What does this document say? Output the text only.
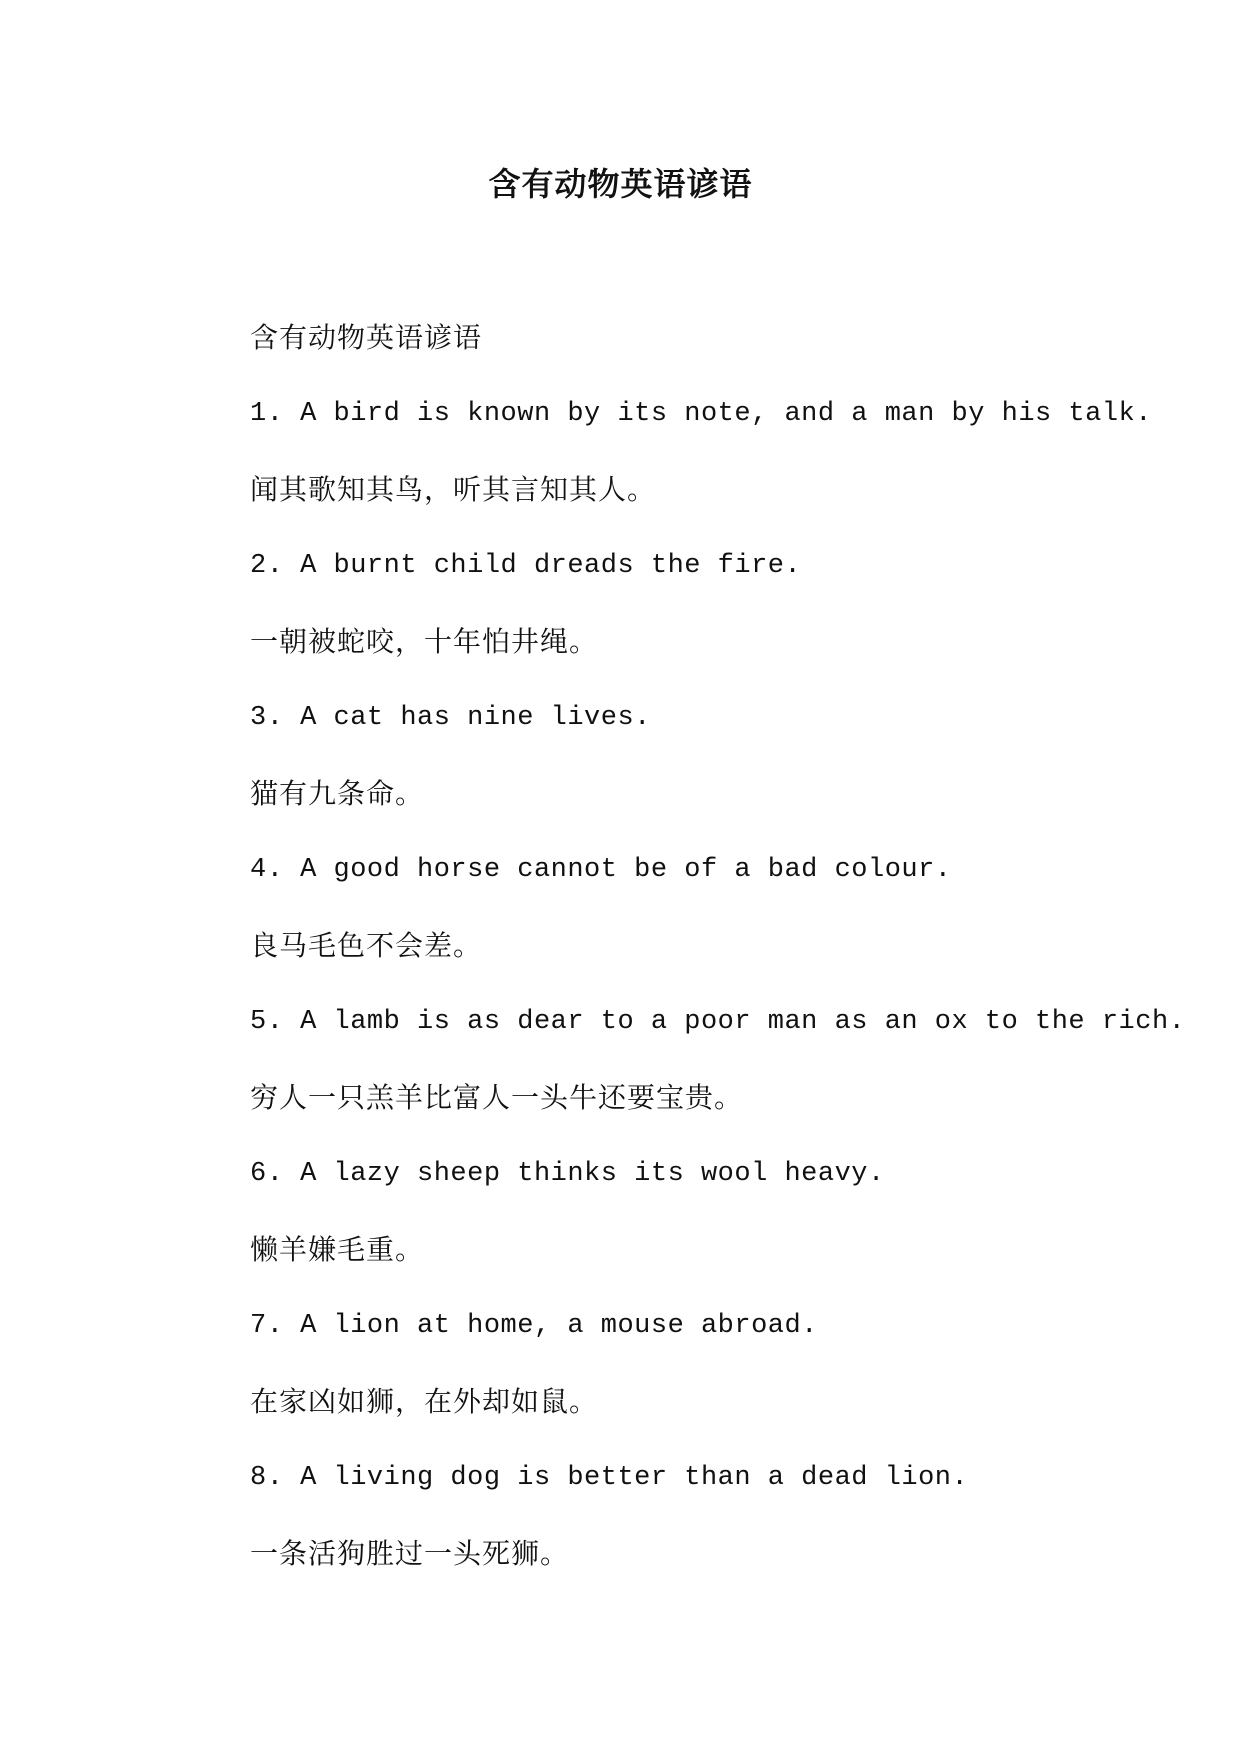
含有动物英语谚语

含有动物英语谚语

1. A bird is known by its note, and a man by his talk.

闻其歌知其鸟，听其言知其人。

2. A burnt child dreads the fire.

一朝被蛇咬，十年怕井绳。

3. A cat has nine lives.

猫有九条命。

4. A good horse cannot be of a bad colour.

良马毛色不会差。

5. A lamb is as dear to a poor man as an ox to the rich.

穷人一只羔羊比富人一头牛还要宝贵。

6. A lazy sheep thinks its wool heavy.

懒羊嫌毛重。

7. A lion at home, a mouse abroad.

在家凶如狮，在外却如鼠。

8. A living dog is better than a dead lion.

一条活狗胜过一头死狮。
